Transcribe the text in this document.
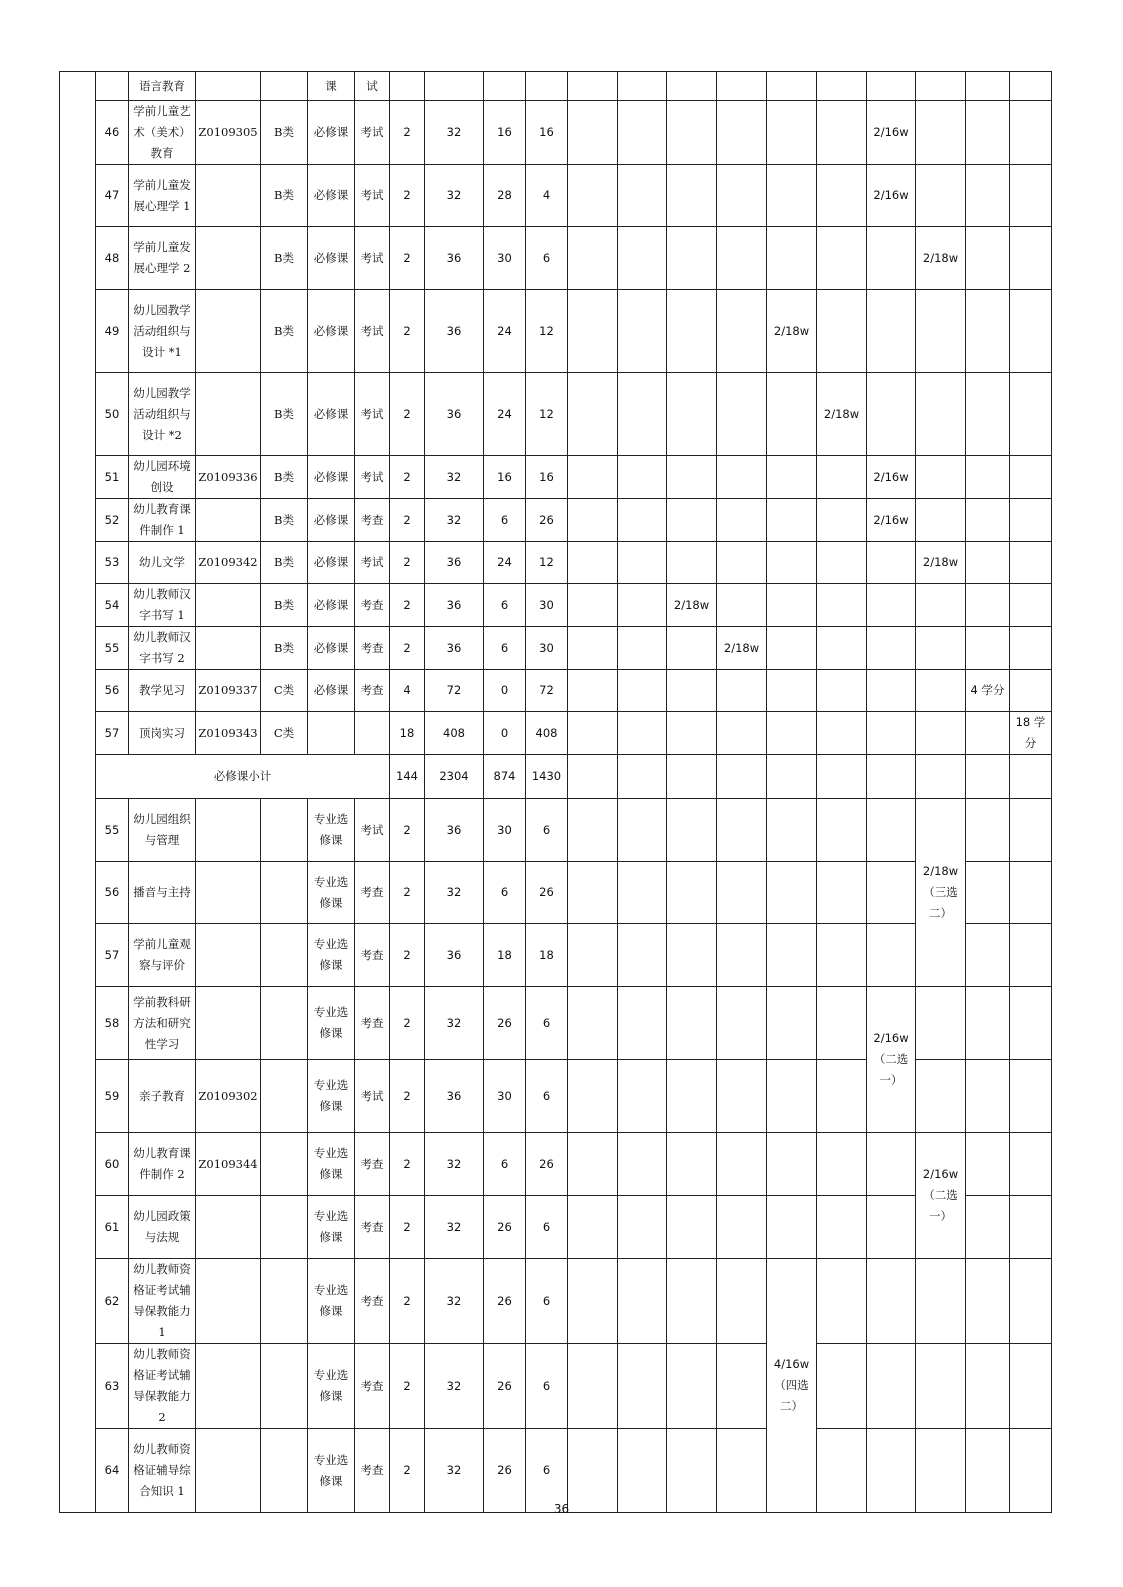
		语言教育			课	试														
	46	学前儿童艺术（美术）教育	Z0109305	B类	必修课	考试	2	32	16	16							2/16w			
	47	学前儿童发展心理学 1		B类	必修课	考试	2	32	28	4							2/16w			
	48	学前儿童发展心理学 2		B类	必修课	考试	2	36	30	6								2/18w		
	49	幼儿园教学活动组织与设计 *1		B类	必修课	考试	2	36	24	12					2/18w					
	50	幼儿园教学活动组织与设计 *2		B类	必修课	考试	2	36	24	12						2/18w				
	51	幼儿园环境创设	Z0109336	B类	必修课	考试	2	32	16	16							2/16w			
	52	幼儿教育课件制作 1		B类	必修课	考查	2	32	6	26							2/16w			
	53	幼儿文学	Z0109342	B类	必修课	考试	2	36	24	12								2/18w		
	54	幼儿教师汉字书写 1		B类	必修课	考查	2	36	6	30			2/18w							
	55	幼儿教师汉字书写 2		B类	必修课	考查	2	36	6	30				2/18w						
	56	教学见习	Z0109337	C类	必修课	考查	4	72	0	72									4 学分	
	57	顶岗实习	Z0109343	C类			18	408	0	408										18 学分
	必修课小计						144	2304	874	1430										
	55	幼儿园组织与管理			专业选修课	考试	2	36	30	6								2/18w（三选二）		
	56	播音与主持			专业选修课	考查	2	32	6	26										
	57	学前儿童观察与评价			专业选修课	考查	2	36	18	18										
	58	学前教科研方法和研究性学习			专业选修课	考查	2	32	26	6							2/16w（二选一）			
	59	亲子教育	Z0109302		专业选修课	考试	2	36	30	6										
	60	幼儿教育课件制作 2	Z0109344		专业选修课	考查	2	32	6	26								2/16w（二选一）		
	61	幼儿园政策与法规			专业选修课	考查	2	32	26	6										
	62	幼儿教师资格证考试辅导保教能力 1			专业选修课	考查	2	32	26	6					4/16w（四选二）					
	63	幼儿教师资格证考试辅导保教能力 2			专业选修课	考查	2	32	26	6										
	64	幼儿教师资格证辅导综合知识 1			专业选修课	考查	2	32	26	6										
36
